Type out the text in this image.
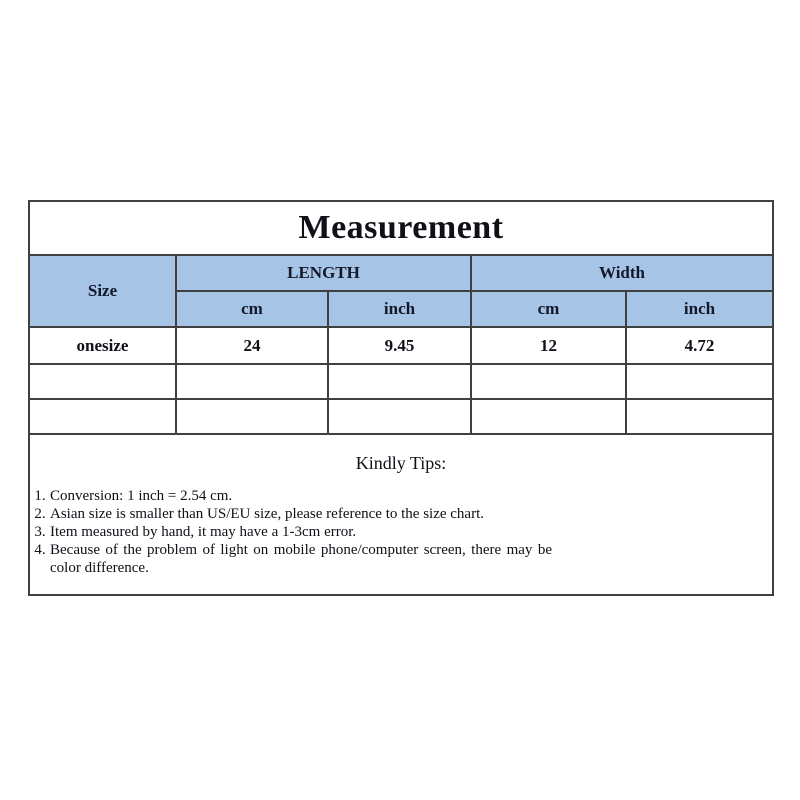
Measurement				
Size	LENGTH		Width	
	cm	inch	cm	inch
onesize	24	9.45	12	4.72

Kindly Tips:
1. Conversion: 1 inch = 2.54 cm.
2. Asian size is smaller than US/EU size, please reference to the size chart.
3. Item measured by hand, it may have a 1-3cm error.
4. Because of the problem of light on mobile phone/computer screen, there may be color difference.
